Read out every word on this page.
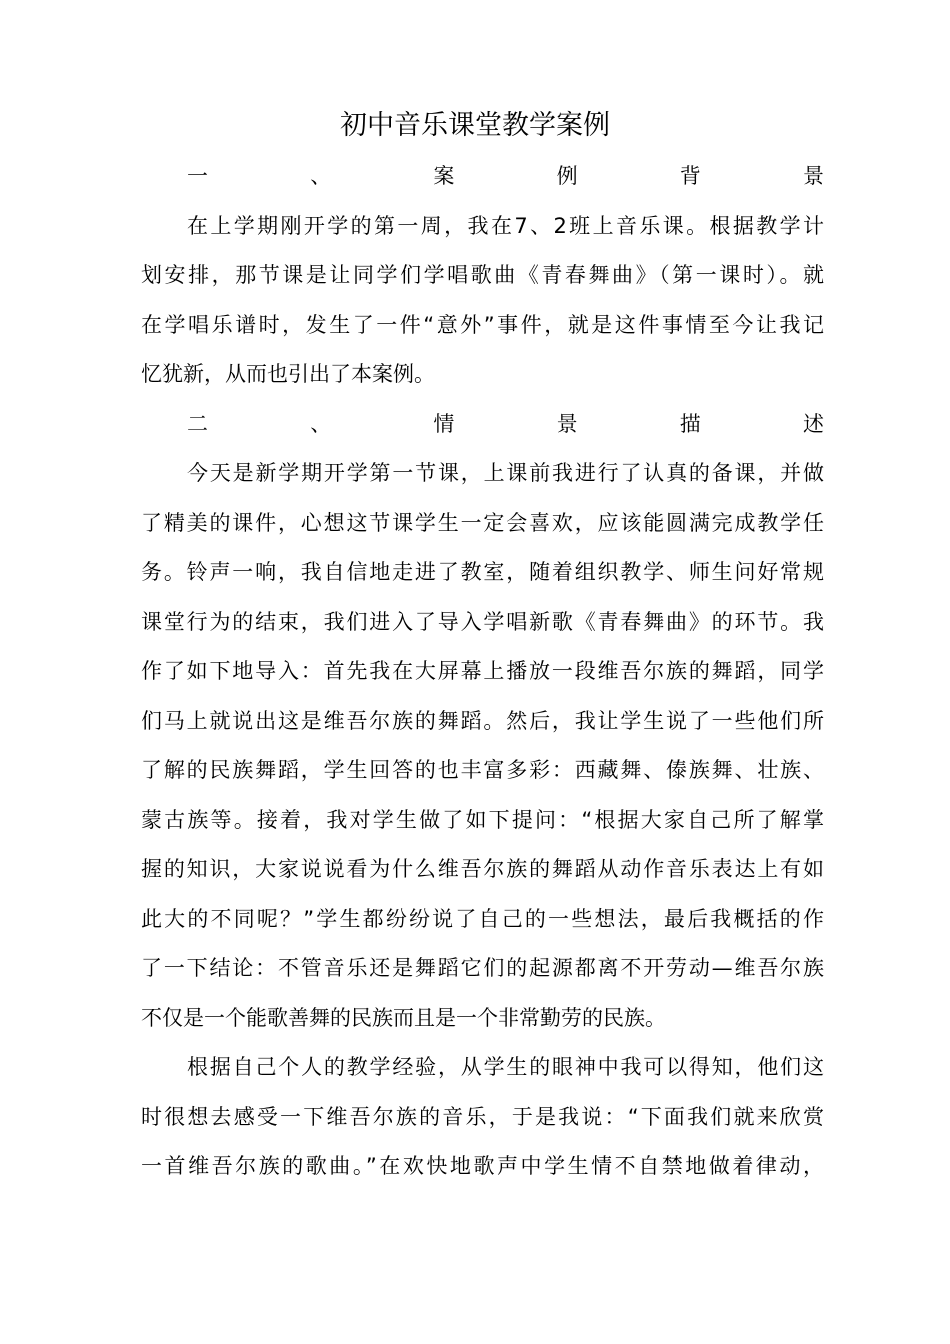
初中音乐课堂教学案例
一、案例背景
在上学期刚开学的第一周，我在7、2班上音乐课。根据教学计
划安排，那节课是让同学们学唱歌曲《青春舞曲》（第一课时）。就
在学唱乐谱时，发生了一件“意外”事件，就是这件事情至今让我记
忆犹新，从而也引出了本案例。
二、情景描述
今天是新学期开学第一节课，上课前我进行了认真的备课，并做
了精美的课件，心想这节课学生一定会喜欢，应该能圆满完成教学任
务。铃声一响，我自信地走进了教室，随着组织教学、师生问好常规
课堂行为的结束，我们进入了导入学唱新歌《青春舞曲》的环节。我
作了如下地导入：首先我在大屏幕上播放一段维吾尔族的舞蹈，同学
们马上就说出这是维吾尔族的舞蹈。然后，我让学生说了一些他们所
了解的民族舞蹈，学生回答的也丰富多彩：西藏舞、傣族舞、壮族、
蒙古族等。接着，我对学生做了如下提问：“根据大家自己所了解掌
握的知识，大家说说看为什么维吾尔族的舞蹈从动作音乐表达上有如
此大的不同呢？”学生都纷纷说了自己的一些想法，最后我概括的作
了一下结论：不管音乐还是舞蹈它们的起源都离不开劳动—维吾尔族
不仅是一个能歌善舞的民族而且是一个非常勤劳的民族。
根据自己个人的教学经验，从学生的眼神中我可以得知，他们这
时很想去感受一下维吾尔族的音乐，于是我说：“下面我们就来欣赏
一首维吾尔族的歌曲。”在欢快地歌声中学生情不自禁地做着律动，
